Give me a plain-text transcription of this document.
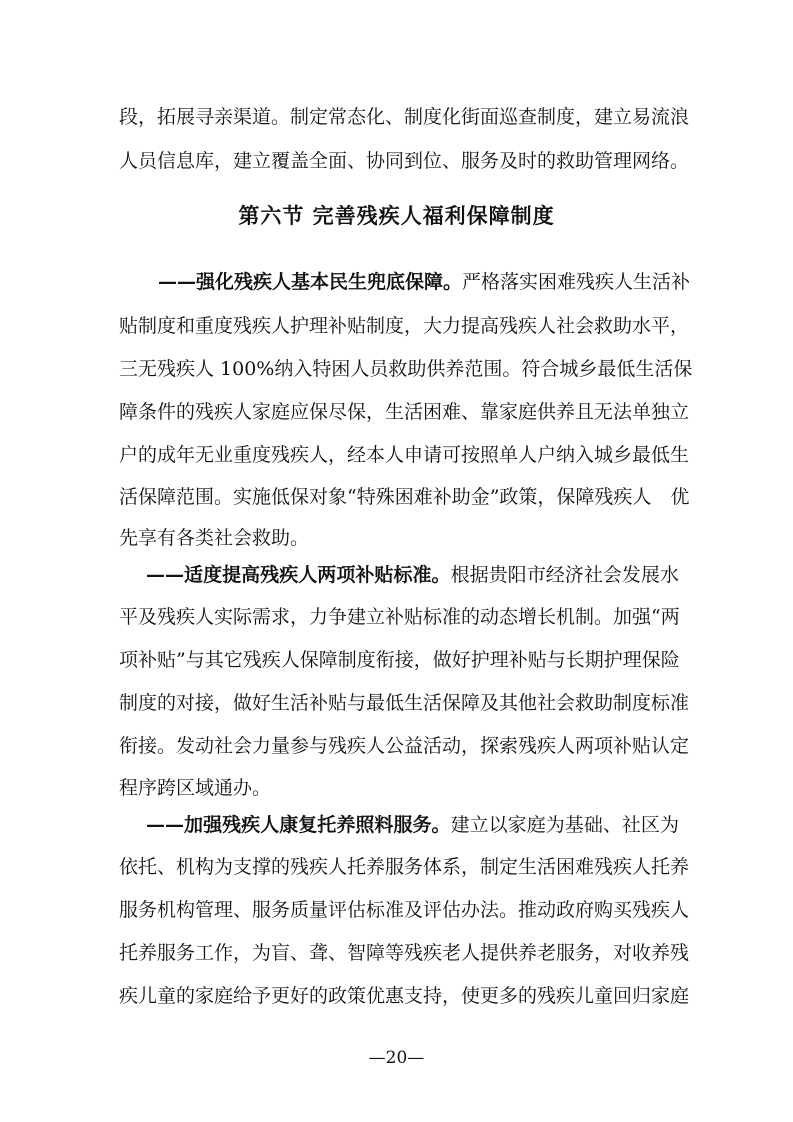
段，拓展寻亲渠道。制定常态化、制度化街面巡查制度，建立易流浪
人员信息库，建立覆盖全面、协同到位、服务及时的救助管理网络。
第六节 完善残疾人福利保障制度
——强化残疾人基本民生兜底保障。严格落实困难残疾人生活补
贴制度和重度残疾人护理补贴制度，大力提高残疾人社会救助水平，
三无残疾人 100%纳入特困人员救助供养范围。符合城乡最低生活保
障条件的残疾人家庭应保尽保，生活困难、靠家庭供养且无法单独立
户的成年无业重度残疾人，经本人申请可按照单人户纳入城乡最低生
活保障范围。实施低保对象“特殊困难补助金”政策，保障残疾人　优
先享有各类社会救助。
——适度提高残疾人两项补贴标准。根据贵阳市经济社会发展水
平及残疾人实际需求，力争建立补贴标准的动态增长机制。加强“两
项补贴”与其它残疾人保障制度衔接，做好护理补贴与长期护理保险
制度的对接，做好生活补贴与最低生活保障及其他社会救助制度标准
衔接。发动社会力量参与残疾人公益活动，探索残疾人两项补贴认定
程序跨区域通办。
——加强残疾人康复托养照料服务。建立以家庭为基础、社区为
依托、机构为支撑的残疾人托养服务体系，制定生活困难残疾人托养
服务机构管理、服务质量评估标准及评估办法。推动政府购买残疾人
托养服务工作，为盲、聋、智障等残疾老人提供养老服务，对收养残
疾儿童的家庭给予更好的政策优惠支持，使更多的残疾儿童回归家庭
—20—
